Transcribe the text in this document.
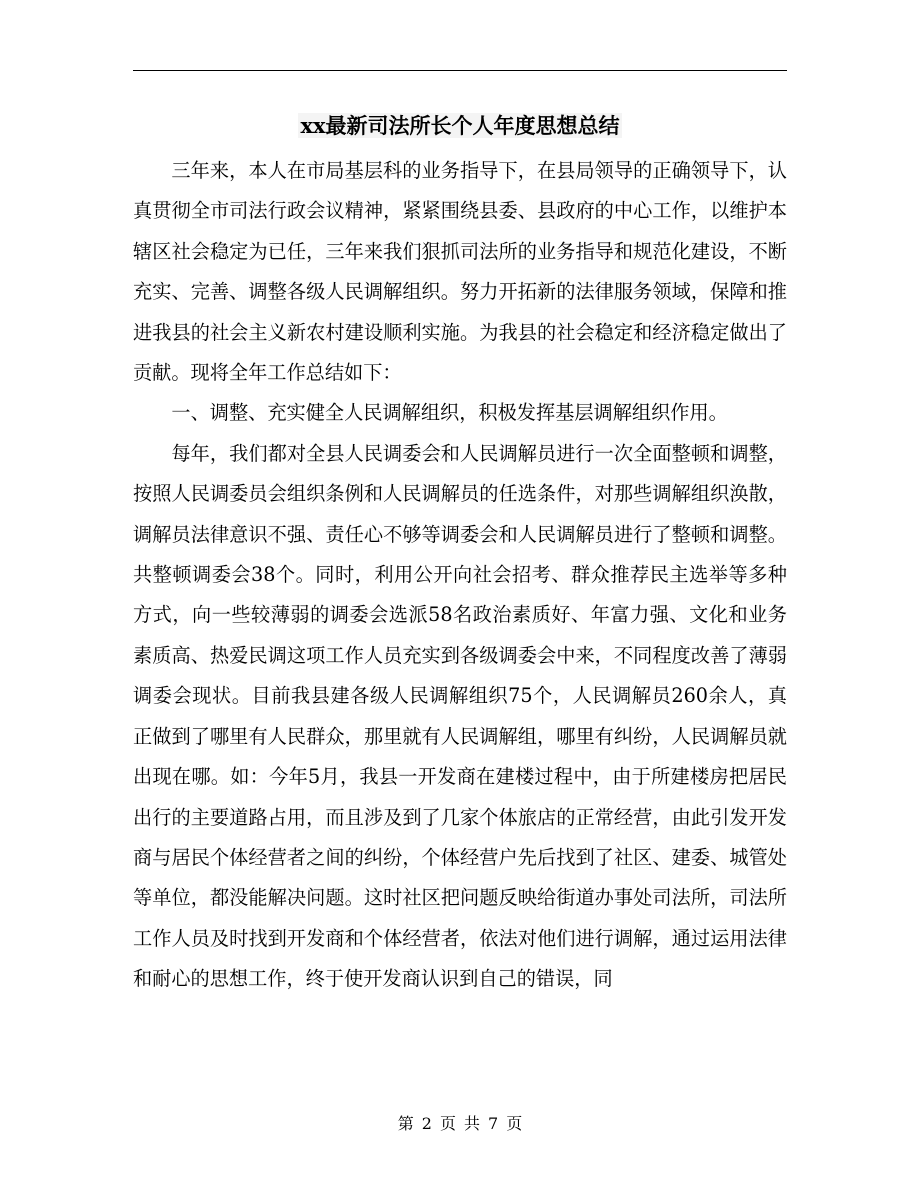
xx最新司法所长个人年度思想总结

三年来，本人在市局基层科的业务指导下，在县局领导的正确领导下，认真贯彻全市司法行政会议精神，紧紧围绕县委、县政府的中心工作，以维护本辖区社会稳定为已任，三年来我们狠抓司法所的业务指导和规范化建设，不断充实、完善、调整各级人民调解组织。努力开拓新的法律服务领域，保障和推进我县的社会主义新农村建设顺利实施。为我县的社会稳定和经济稳定做出了贡献。现将全年工作总结如下：

一、调整、充实健全人民调解组织，积极发挥基层调解组织作用。

每年，我们都对全县人民调委会和人民调解员进行一次全面整顿和调整，按照人民调委员会组织条例和人民调解员的任选条件，对那些调解组织涣散，调解员法律意识不强、责任心不够等调委会和人民调解员进行了整顿和调整。共整顿调委会38个。同时，利用公开向社会招考、群众推荐民主选举等多种方式，向一些较薄弱的调委会选派58名政治素质好、年富力强、文化和业务素质高、热爱民调这项工作人员充实到各级调委会中来，不同程度改善了薄弱调委会现状。目前我县建各级人民调解组织75个，人民调解员260余人，真正做到了哪里有人民群众，那里就有人民调解组，哪里有纠纷，人民调解员就出现在哪。如：今年5月，我县一开发商在建楼过程中，由于所建楼房把居民出行的主要道路占用，而且涉及到了几家个体旅店的正常经营，由此引发开发商与居民个体经营者之间的纠纷，个体经营户先后找到了社区、建委、城管处等单位，都没能解决问题。这时社区把问题反映给街道办事处司法所，司法所工作人员及时找到开发商和个体经营者，依法对他们进行调解，通过运用法律和耐心的思想工作，终于使开发商认识到自己的错误，同

第 2 页 共 7 页
